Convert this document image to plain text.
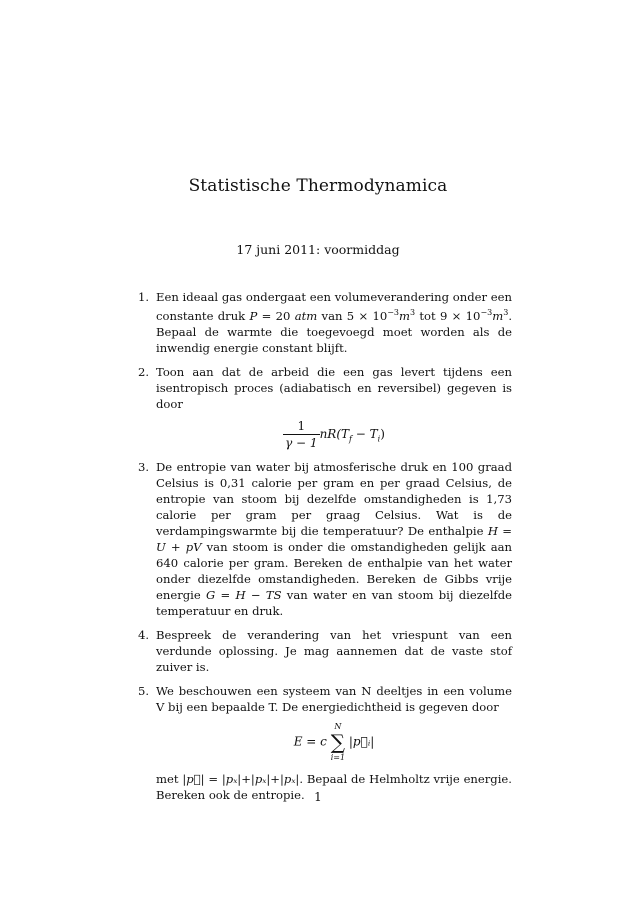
Statistische Thermodynamica
17 juni 2011: voormiddag
1. Een ideaal gas ondergaat een volumeverandering onder een constante druk P = 20 atm van $5 \times 10^{-3}m^3$ tot $9 \times 10^{-3}m^3$. Bepaal de warmte die toegevoegd moet worden als de inwendig energie constant blijft.
2. Toon aan dat de arbeid die een gas levert tijdens een isentropisch proces (adiabatisch en reversibel) gegeven is door
$\frac{1}{\gamma - 1} nR(T_f - T_i)$
3. De entropie van water bij atmosferische druk en 100 graad Celsius is 0,31 calorie per gram en per graad Celsius, de entropie van stoom bij dezelfde omstandigheden is 1,73 calorie per gram per graag Celsius. Wat is de verdampingswarmte bij die temperatuur? De enthalpie H = U + pV van stoom is onder die omstandigheden gelijk aan 640 calorie per gram. Bereken de enthalpie van het water onder diezelfde omstandigheden. Bereken de Gibbs vrije energie G = H − TS van water en van stoom bij diezelfde temperatuur en druk.
4. Bespreek de verandering van het vriespunt van een verdunde oplossing. Je mag aannemen dat de vaste stof zuiver is.
5. We beschouwen een systeem van N deeltjes in een volume V bij een bepaalde T. De energiedichtheid is gegeven door
E = c
N
∑
i=1
|p⃗ᵢ|
met |p⃗| = |pₓ|+|pₓ|+|pₓ|. Bepaal de Helmholtz vrije energie. Bereken ook de entropie. 1
